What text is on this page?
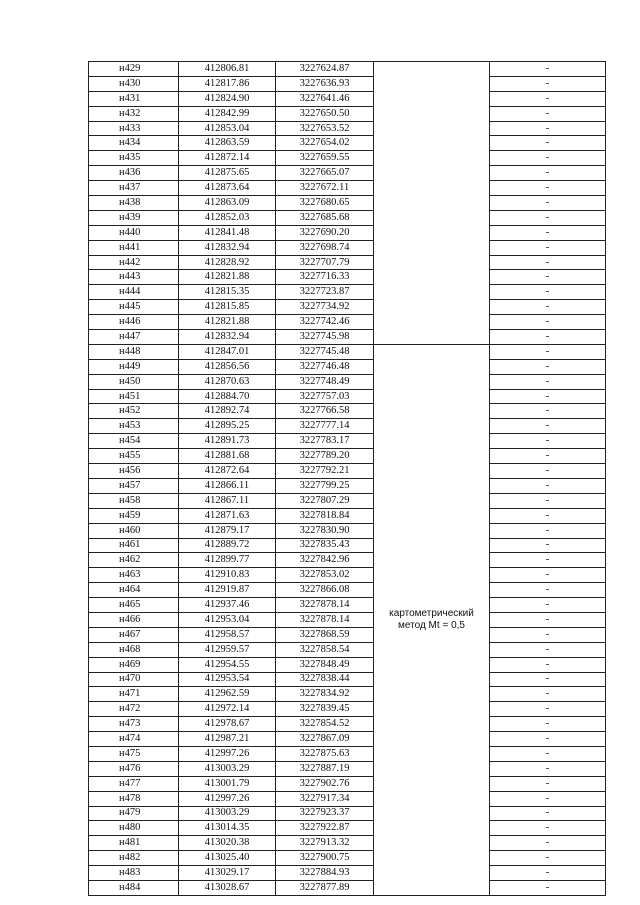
н429	412806.81	3227624.87		-
н430	412817.86	3227636.93		-
н431	412824.90	3227641.46		-
н432	412842.99	3227650.50		-
н433	412853.04	3227653.52		-
н434	412863.59	3227654.02		-
н435	412872.14	3227659.55		-
н436	412875.65	3227665.07		-
н437	412873.64	3227672.11		-
н438	412863.09	3227680.65		-
н439	412852.03	3227685.68		-
н440	412841.48	3227690.20		-
н441	412832.94	3227698.74		-
н442	412828.92	3227707.79		-
н443	412821.88	3227716.33		-
н444	412815.35	3227723.87		-
н445	412815.85	3227734.92		-
н446	412821.88	3227742.46		-
н447	412832.94	3227745.98		-
н448	412847.01	3227745.48	картометрический
метод Mt = 0,5	-
н449	412856.56	3227746.48		-
н450	412870.63	3227748.49		-
н451	412884.70	3227757.03		-
н452	412892.74	3227766.58		-
н453	412895.25	3227777.14		-
н454	412891.73	3227783.17		-
н455	412881.68	3227789.20		-
н456	412872.64	3227792.21		-
н457	412866.11	3227799.25		-
н458	412867.11	3227807.29		-
н459	412871.63	3227818.84		-
н460	412879.17	3227830.90		-
н461	412889.72	3227835.43		-
н462	412899.77	3227842.96		-
н463	412910.83	3227853.02		-
н464	412919.87	3227866.08		-
н465	412937.46	3227878.14		-
н466	412953.04	3227878.14		-
н467	412958.57	3227868.59		-
н468	412959.57	3227858.54		-
н469	412954.55	3227848.49		-
н470	412953.54	3227838.44		-
н471	412962.59	3227834.92		-
н472	412972.14	3227839.45		-
н473	412978.67	3227854.52		-
н474	412987.21	3227867.09		-
н475	412997.26	3227875.63		-
н476	413003.29	3227887.19		-
н477	413001.79	3227902.76		-
н478	412997.26	3227917.34		-
н479	413003.29	3227923.37		-
н480	413014.35	3227922.87		-
н481	413020.38	3227913.32		-
н482	413025.40	3227900.75		-
н483	413029.17	3227884.93		-
н484	413028.67	3227877.89		-
